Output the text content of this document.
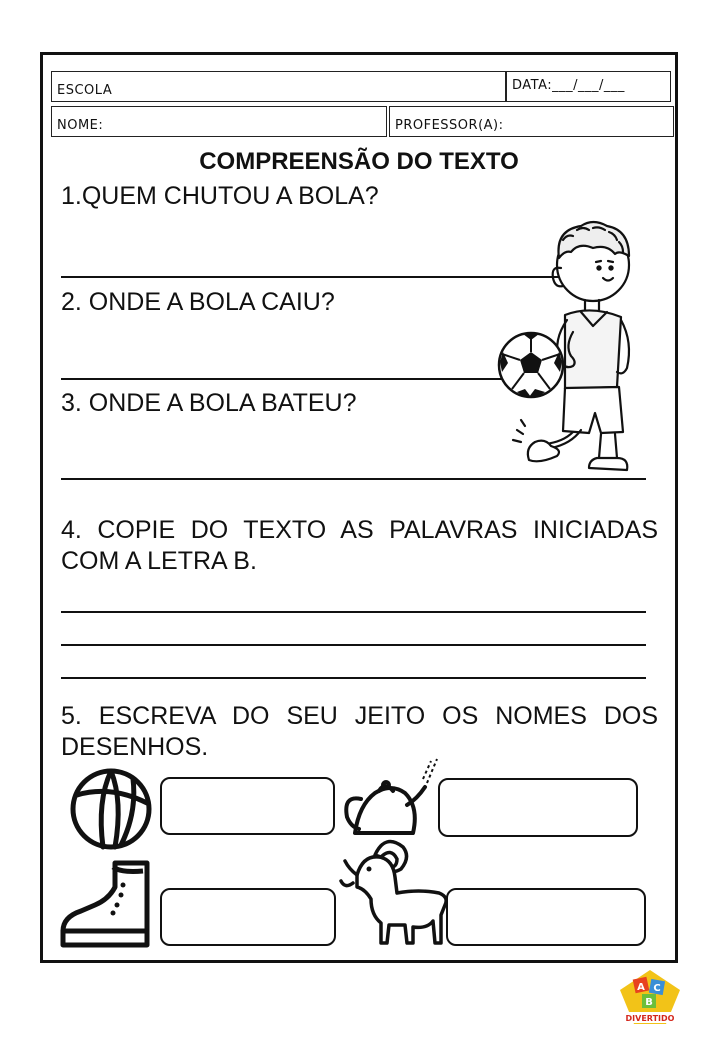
ESCOLA	DATA:___/___/___
NOME:	PROFESSOR(A):
COMPREENSÃO DO TEXTO
1.QUEM CHUTOU A BOLA?
2. ONDE A BOLA CAIU?
3. ONDE A BOLA BATEU?
4. COPIE DO TEXTO AS PALAVRAS INICIADAS COM A LETRA B.
5. ESCREVA DO SEU JEITO OS NOMES DOS DESENHOS.
A C
B
DIVERTIDO
